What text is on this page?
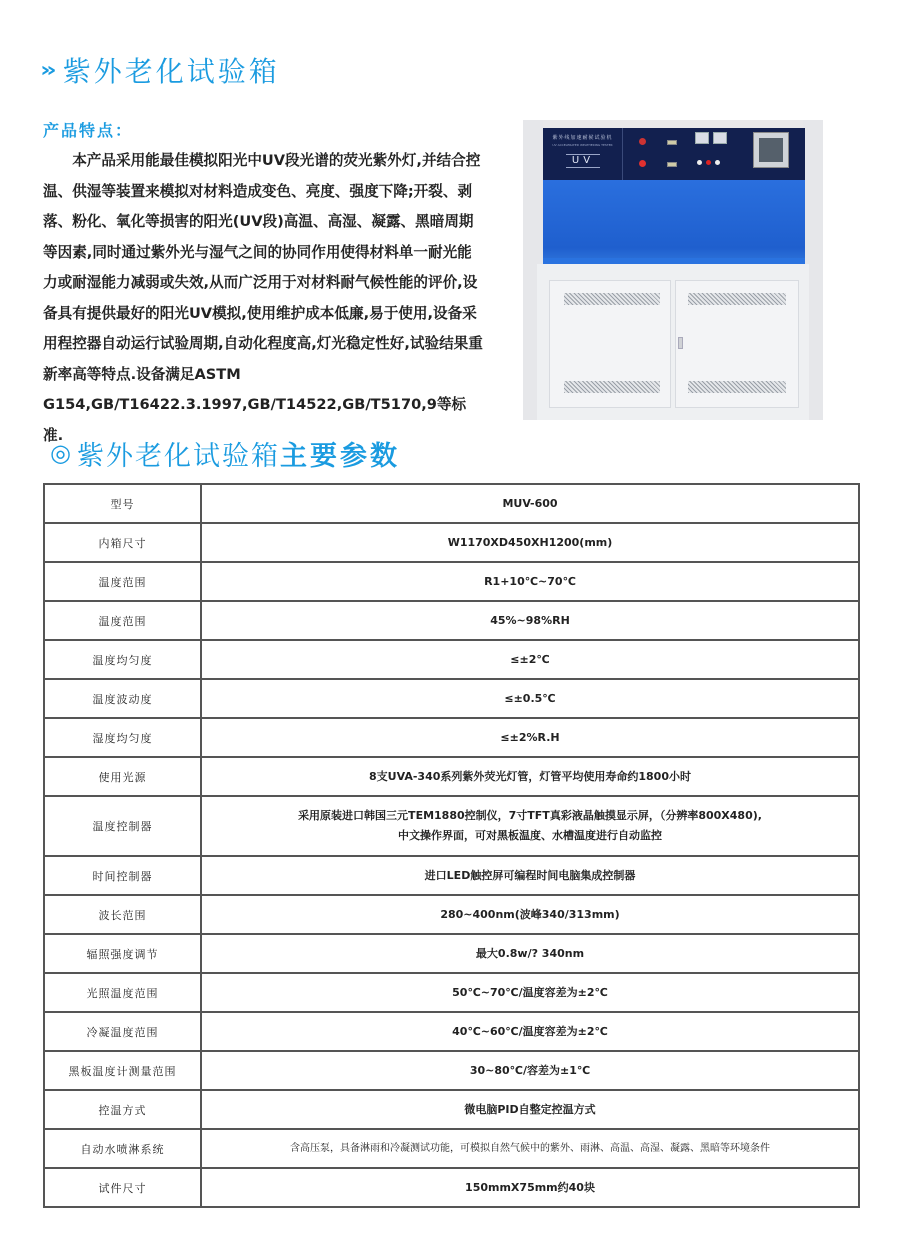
» 紫外老化试验箱
产品特点：

本产品采用能最佳模拟阳光中UV段光谱的荧光紫外灯,并结合控温、供湿等装置来模拟对材料造成变色、亮度、强度下降;开裂、剥落、粉化、氧化等损害的阳光(UV段)高温、高湿、凝露、黑暗周期等因素,同时通过紫外光与湿气之间的协同作用使得材料单一耐光能力或耐湿能力减弱或失效,从而广泛用于对材料耐气候性能的评价,设备具有提供最好的阳光UV模拟,使用维护成本低廉,易于使用,设备采用程控器自动运行试验周期,自动化程度高,灯光稳定性好,试验结果重新率高等特点.设备满足ASTM G154,GB/T16422.3.1997,GB/T14522,GB/T5170,9等标准.

紫外线加速耐候试验机
UV ACCELERATED WEATHERING TESTER
UV
◎ 紫外老化试验箱 主要参数
型号	MUV-600
内箱尺寸	W1170XD450XH1200(mm)
温度范围	R1+10℃~70℃
温度范围	45%~98%RH
温度均匀度	≤±2℃
温度波动度	≤±0.5℃
湿度均匀度	≤±2%R.H
使用光源	8支UVA-340系列紫外荧光灯管，灯管平均使用寿命约1800小时
温度控制器	采用原装进口韩国三元TEM1880控制仪，7寸TFT真彩液晶触摸显示屏，（分辨率800X480),
中文操作界面，可对黑板温度、水槽温度进行自动监控

时间控制器	进口LED触控屏可编程时间电脑集成控制器
波长范围	280~400nm(波峰340/313mm)
辐照强度调节	最大0.8w/? 340nm
光照温度范围	50℃~70℃/温度容差为±2℃
冷凝温度范围	40℃~60℃/温度容差为±2℃
黑板温度计测量范围	30~80℃/容差为±1℃
控温方式	微电脑PID自整定控温方式
自动水喷淋系统	含高压泵，具备淋雨和冷凝测试功能，可模拟自然气候中的紫外、雨淋、高温、高湿、凝露、黑暗等环境条件
试件尺寸	150mmX75mm约40块
